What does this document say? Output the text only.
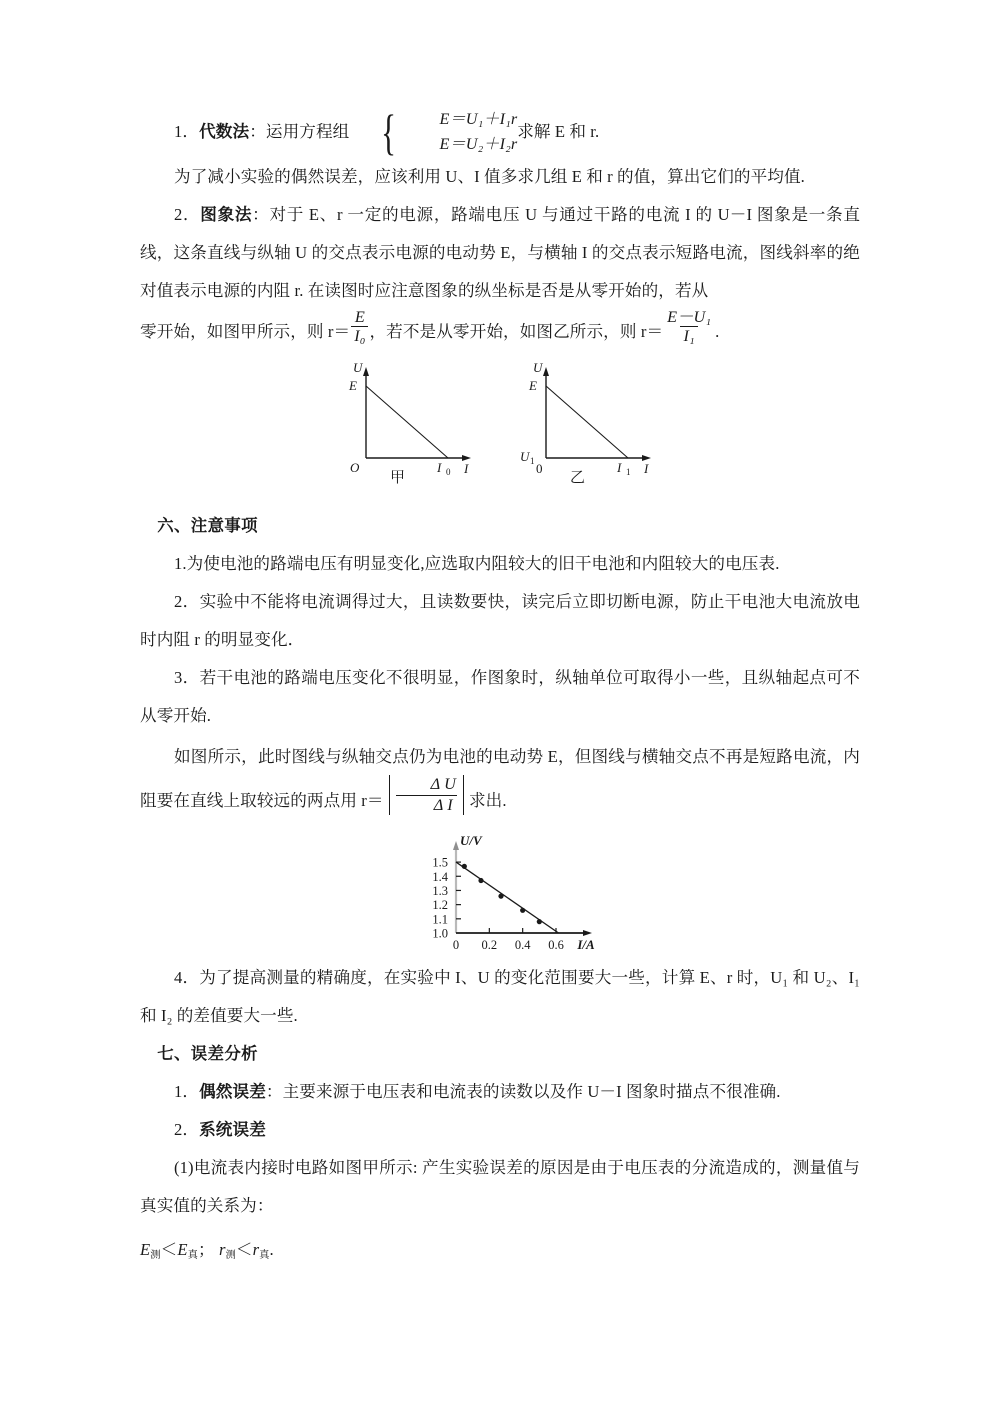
1．代数法：运用方程组 {	E＝U₁＋I₁r
E＝U₂＋I₂r
求解 E 和 r.

为了减小实验的偶然误差，应该利用 U、I 值多求几组 E 和 r 的值，算出它们的平均值.

2．图象法：对于 E、r 一定的电源，路端电压 U 与通过干路的电流 I 的 U－I 图象是一条直线，这条直线与纵轴 U 的交点表示电源的电动势 E，与横轴 I 的交点表示短路电流，图线斜率的绝对值表示电源的内阻 r. 在读图时应注意图象的纵坐标是否是从零开始的，若从

零开始，如图甲所示，则 $r= \frac{E}{\text{I₀}}$ ，若不是从零开始，如图乙所示，则 $r= \frac{\text{E－U₁}}{\text{I₁}}$ .

U
E
O	I 0 I
甲
U
E
U 1 0	I 1 I
乙
六、注意事项

1.为使电池的路端电压有明显变化,应选取内阻较大的旧干电池和内阻较大的电压表.

2．实验中不能将电流调得过大，且读数要快，读完后立即切断电源，防止干电池大电流放电时内阻 r 的明显变化．

3．若干电池的路端电压变化不很明显，作图象时，纵轴单位可取得小一些，且纵轴起点可不从零开始.

如图所示，此时图线与纵轴交点仍为电池的电动势 E，但图线与横轴交点不再是短路电流，内阻要在直线上取较远的两点用 $r= \frac{\text{Δ U}}{\text{Δ I}}$ 求出.

1.0
1.1
1.2
1.3
1.4
1.5
0 0.2 0.4 0.6
U/V
I/A

4．为了提高测量的精确度，在实验中 I、U 的变化范围要大一些，计算 E、r 时，U₁ 和 U₂、I₁ 和 I₂ 的差值要大一些.

七、误差分析

1．偶然误差：主要来源于电压表和电流表的读数以及作 U－I 图象时描点不很准确.

2．系统误差

(1)电流表内接时电路如图甲所示: 产生实验误差的原因是由于电压表的分流造成的，测量值与真实值的关系为：

E测＜E真； r测＜r真.
